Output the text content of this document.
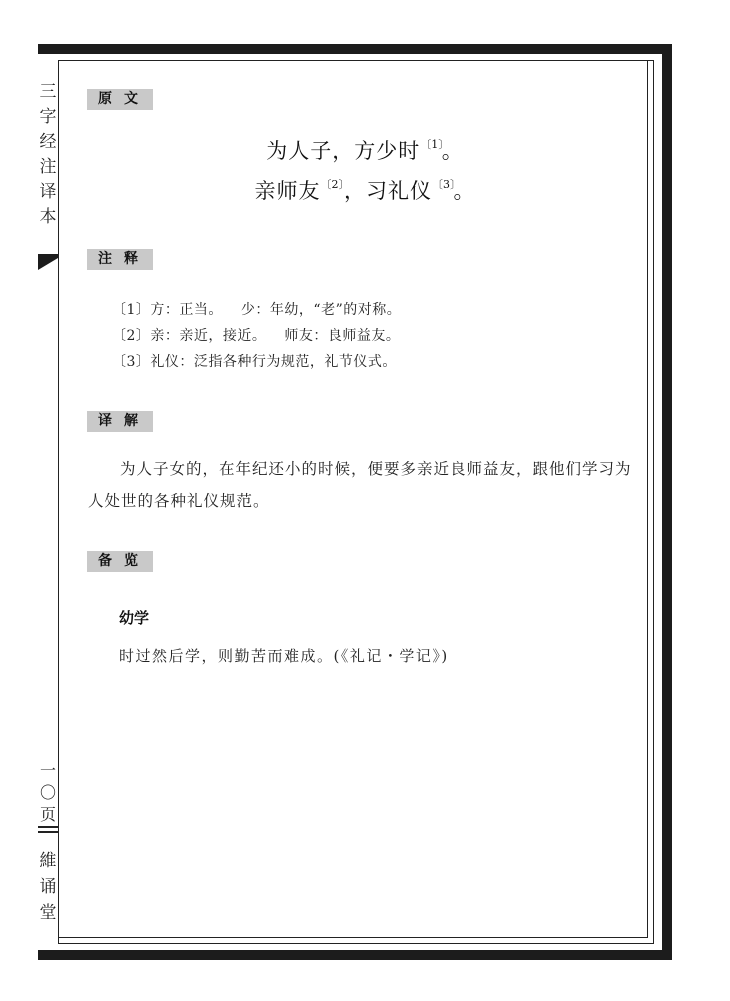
三
字
经
注
译
本
一
〇
页
維
诵
堂
原文
为人子，方少时$^{〔1〕}$。
亲师友$^{〔2〕}$，习礼仪$^{〔3〕}$。
注释
〔1〕方：正当。 少：年幼，“老”的对称。
〔2〕亲：亲近，接近。 师友：良师益友。
〔3〕礼仪：泛指各种行为规范，礼节仪式。
译解
为人子女的，在年纪还小的时候，便要多亲近良师益友，跟他们学习为人处世的各种礼仪规范。
备览
幼学
时过然后学，则勤苦而难成。(《礼记・学记》)
